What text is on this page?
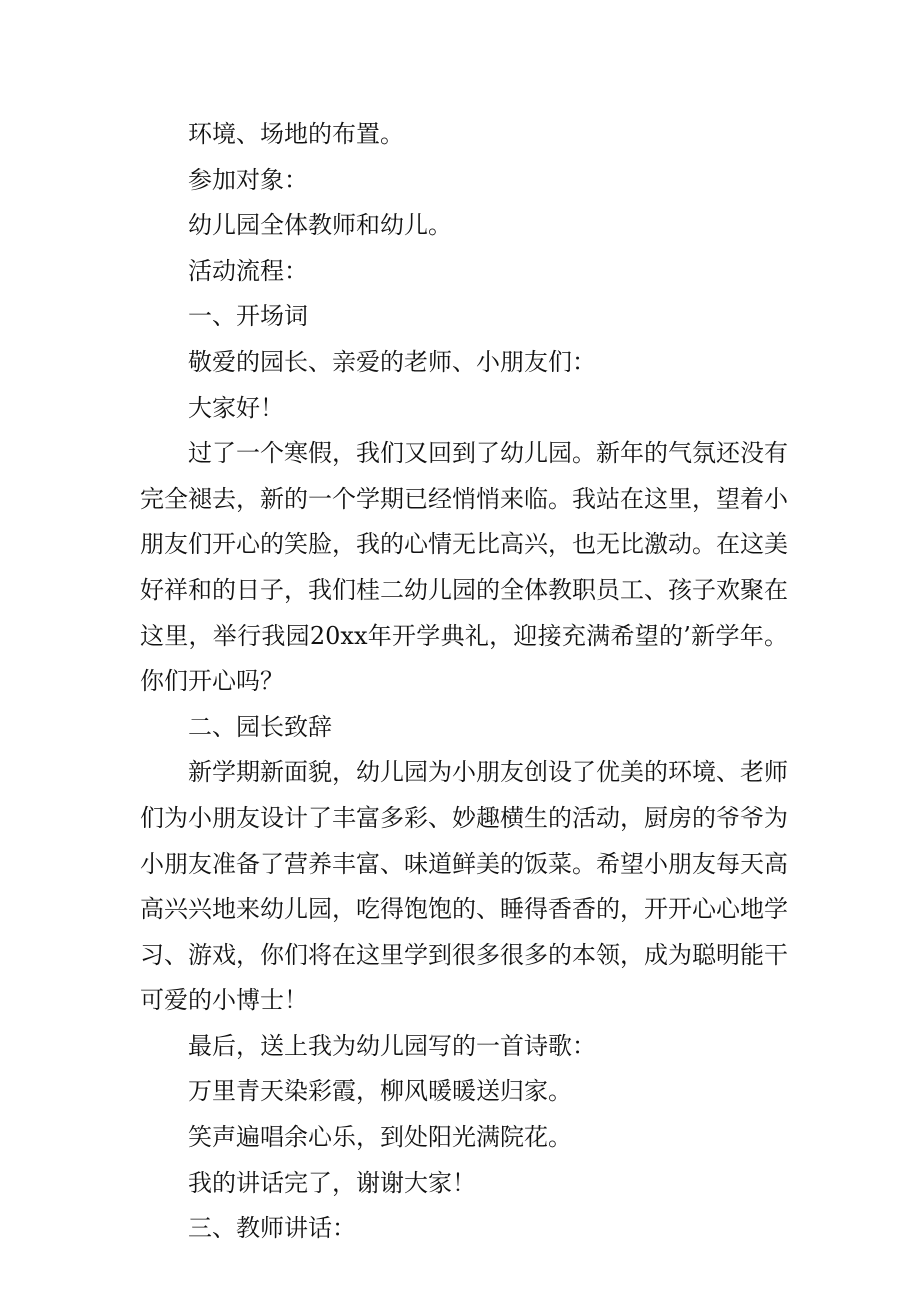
环境、场地的布置。

参加对象：

幼儿园全体教师和幼儿。

活动流程：

一、开场词

敬爱的园长、亲爱的老师、小朋友们：

大家好！

过了一个寒假，我们又回到了幼儿园。新年的气氛还没有完全褪去，新的一个学期已经悄悄来临。我站在这里，望着小朋友们开心的笑脸，我的心情无比高兴，也无比激动。在这美好祥和的日子，我们桂二幼儿园的全体教职员工、孩子欢聚在这里，举行我园20xx年开学典礼，迎接充满希望的’新学年。你们开心吗？

二、园长致辞

新学期新面貌，幼儿园为小朋友创设了优美的环境、老师们为小朋友设计了丰富多彩、妙趣横生的活动，厨房的爷爷为小朋友准备了营养丰富、味道鲜美的饭菜。希望小朋友每天高高兴兴地来幼儿园，吃得饱饱的、睡得香香的，开开心心地学习、游戏，你们将在这里学到很多很多的本领，成为聪明能干可爱的小博士！

最后，送上我为幼儿园写的一首诗歌：

万里青天染彩霞，柳风暖暖送归家。

笑声遍唱余心乐，到处阳光满院花。

我的讲话完了，谢谢大家！

三、教师讲话：
